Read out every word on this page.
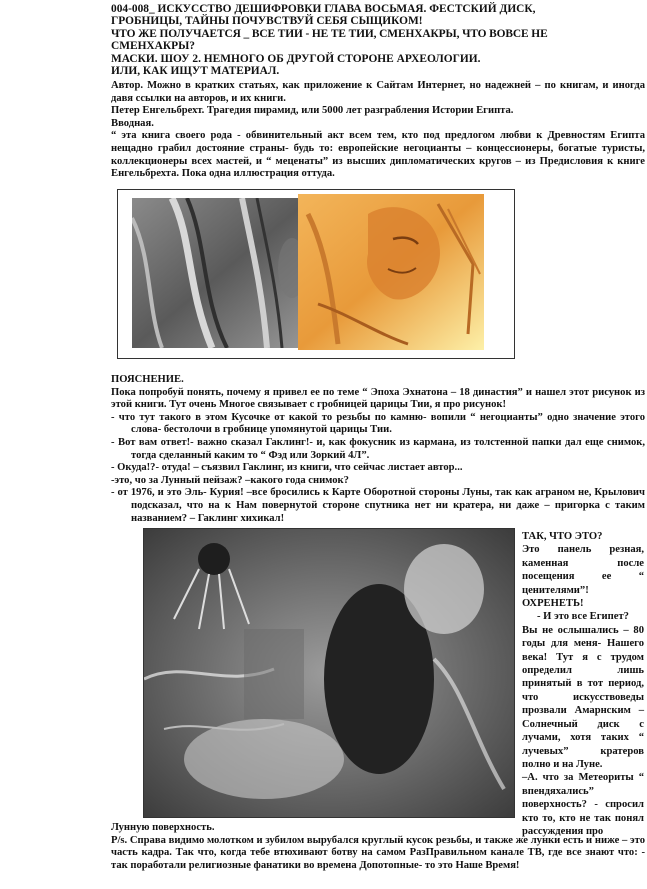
004-008_ ИСКУССТВО ДЕШИФРОВКИ ГЛАВА ВОСЬМАЯ. ФЕСТСКИЙ ДИСК,
ГРОБНИЦЫ, ТАЙНЫ ПОЧУВСТВУЙ СЕБЯ СЫЩИКОМ!
ЧТО ЖЕ ПОЛУЧАЕТСЯ _ ВСЕ ТИИ - НЕ ТЕ ТИИ, СМЕНХАКРЫ, ЧТО ВОВСЕ НЕ
СМЕНХАКРЫ?
МАСКИ. ШОУ 2. НЕМНОГО ОБ ДРУГОЙ СТОРОНЕ АРХЕОЛОГИИ.
ИЛИ, КАК ИЩУТ МАТЕРИАЛ.
Автор. Можно в кратких статьях, как приложение к Сайтам Интернет, но надежней – по книгам, и иногда давя ссылки на авторов, и их книги.
Петер Енгельбрехт. Трагедия пирамид, или 5000 лет разграбления Истории Египта.
Вводная.
“ эта книга своего рода - обвинительный акт всем тем, кто под предлогом любви к Древностям Египта нещадно грабил достояние страны- будь то: европейские негоцианты – концессионеры, богатые туристы, коллекционеры всех мастей, и “ меценаты” из высших дипломатических кругов – из Предисловия к книге Енгельбрехта. Пока одна иллюстрация оттуда.
ПОЯСНЕНИЕ.
Пока попробуй понять, почему я привел ее по теме “ Эпоха Эхнатона – 18 династия” и нашел этот рисунок из этой книги. Тут очень Многое связывает с гробницей царицы Тии, я про рисунок!
- что тут такого в этом Кусочке от какой то резьбы по камню- вопили “ негоцианты” одно значение этого слова- бестолочи в гробнице упомянутой царицы Тии.
- Вот вам ответ!- важно сказал Гаклинг!- и, как фокусник из кармана, из толстенной папки дал еще снимок, тогда сделанный каким то “ Фэд или Зоркий 4Л”.
- Окуда!?- отуда! – съязвил Гаклинг, из книги, что сейчас листает автор...
-это, чо за Лунный пейзаж? –какого года снимок?
- от 1976, и это Эль- Курия! –все бросились к Карте Оборотной стороны Луны, так как аграном не, Крылович подсказал, что на к Нам повернутой стороне спутника нет ни кратера, ни даже – пригорка с таким названием? – Гаклинг хихикал!

ТАК, ЧТО ЭТО?

Это панель резная, каменная после посещения ее “ ценителями”!

ОХРЕНЕТЬ!

- И это все Египет?

Вы не ослышались – 80 годы для меня- Нашего века! Тут я с трудом определил лишь принятый в тот период, что искусствоведы прозвали Амарнским – Солнечный диск с лучами, хотя таких “ лучевых” кратеров полно и на Луне.

–А. что за Метеориты “ впендяхались” поверхность? - спросил кто то, кто не так понял рассуждения про

Лунную поверхность.
P/s. Справа видимо молотком и зубилом вырубался круглый кусок резьбы, и также же лунки есть и ниже – это часть кадра. Так что, когда тебе втюхивают ботву на самом РазПравильном канале ТВ, где все знают что: - так поработали религиозные фанатики во времена Допотопные- то это Наше Время!
